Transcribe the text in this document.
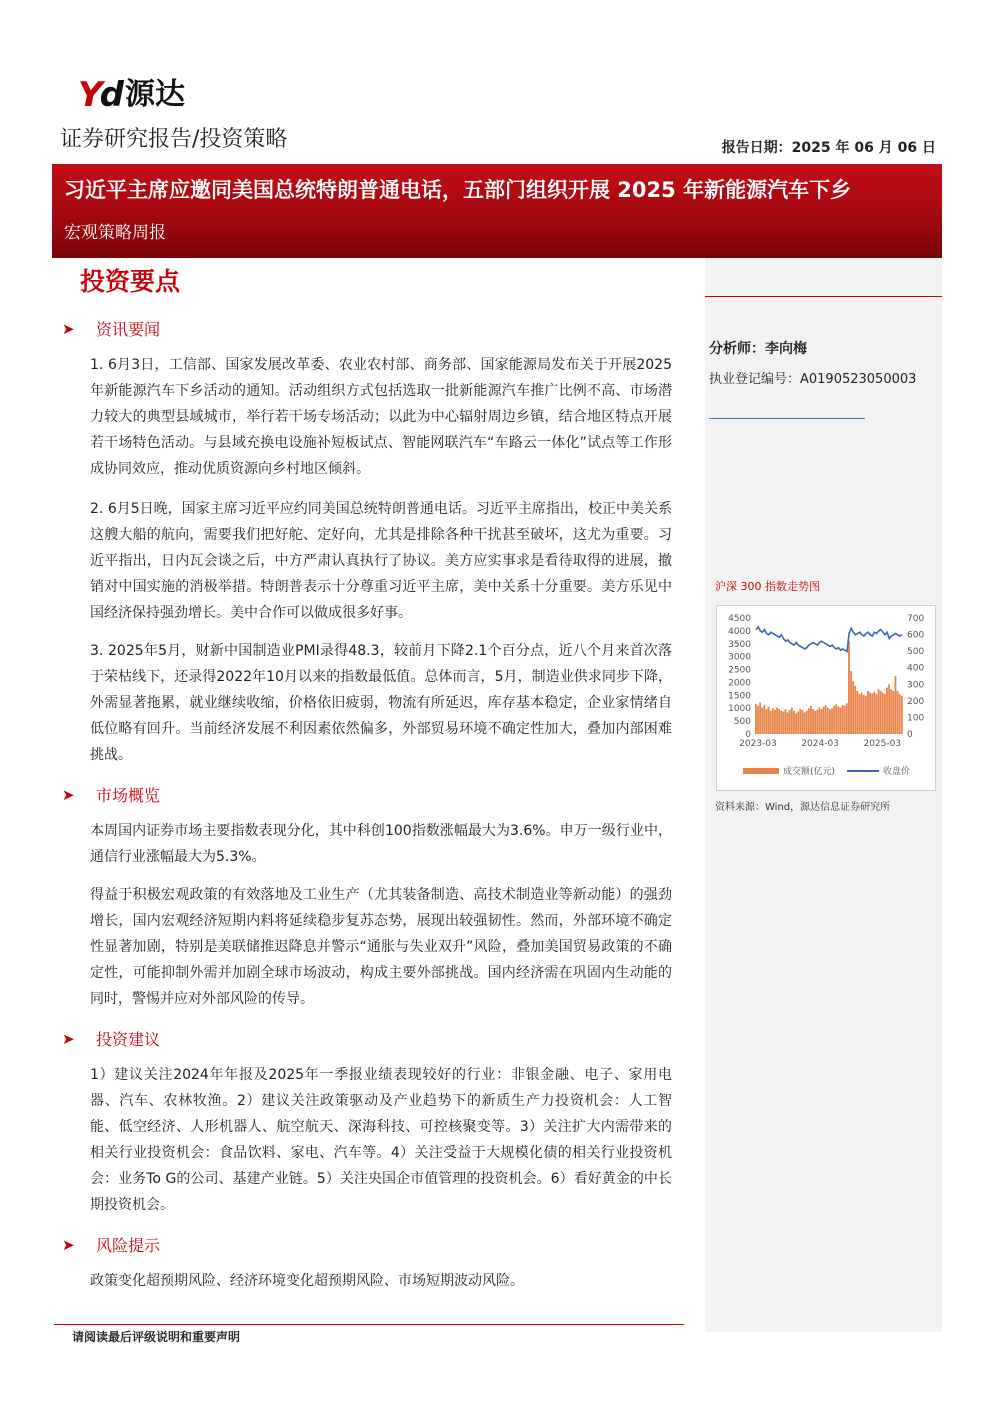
Yd 源达
证券研究报告/投资策略	报告日期：2025 年 06 月 06 日
习近平主席应邀同美国总统特朗普通电话，五部门组织开展 2025 年新能源汽车下乡
宏观策略周报
分析师：李向梅
执业登记编号：A0190523050003
沪深 300 指数走势图
0
500
1000
1500
2000
2500
3000
3500
4000
4500
0
100
200
300
400
500
600
700
2023-03	2024-03	2025-03
成交额(亿元)	收盘价
资料来源：Wind，源达信息证券研究所
投资要点
➤ 资讯要闻
1. 6月3日，工信部、国家发展改革委、农业农村部、商务部、国家能源局发布关于开展2025年新能源汽车下乡活动的通知。活动组织方式包括选取一批新能源汽车推广比例不高、市场潜力较大的典型县域城市，举行若干场专场活动；以此为中心辐射周边乡镇，结合地区特点开展若干场特色活动。与县域充换电设施补短板试点、智能网联汽车“车路云一体化”试点等工作形成协同效应，推动优质资源向乡村地区倾斜。
2. 6月5日晚，国家主席习近平应约同美国总统特朗普通电话。习近平主席指出，校正中美关系这艘大船的航向，需要我们把好舵、定好向，尤其是排除各种干扰甚至破坏，这尤为重要。习近平指出，日内瓦会谈之后，中方严肃认真执行了协议。美方应实事求是看待取得的进展，撤销对中国实施的消极举措。特朗普表示十分尊重习近平主席，美中关系十分重要。美方乐见中国经济保持强劲增长。美中合作可以做成很多好事。
3. 2025年5月，财新中国制造业PMI录得48.3，较前月下降2.1个百分点，近八个月来首次落于荣枯线下，还录得2022年10月以来的指数最低值。总体而言，5月，制造业供求同步下降，外需显著拖累，就业继续收缩，价格依旧疲弱，物流有所延迟，库存基本稳定，企业家情绪自低位略有回升。当前经济发展不利因素依然偏多，外部贸易环境不确定性加大，叠加内部困难挑战。
➤ 市场概览
本周国内证券市场主要指数表现分化，其中科创100指数涨幅最大为3.6%。申万一级行业中，通信行业涨幅最大为5.3%。
得益于积极宏观政策的有效落地及工业生产（尤其装备制造、高技术制造业等新动能）的强劲增长，国内宏观经济短期内料将延续稳步复苏态势，展现出较强韧性。然而，外部环境不确定性显著加剧，特别是美联储推迟降息并警示“通胀与失业双升”风险，叠加美国贸易政策的不确定性，可能抑制外需并加剧全球市场波动，构成主要外部挑战。国内经济需在巩固内生动能的同时，警惕并应对外部风险的传导。
➤ 投资建议
1）建议关注2024年年报及2025年一季报业绩表现较好的行业：非银金融、电子、家用电器、汽车、农林牧渔。2）建议关注政策驱动及产业趋势下的新质生产力投资机会：人工智能、低空经济、人形机器人、航空航天、深海科技、可控核聚变等。3）关注扩大内需带来的相关行业投资机会：食品饮料、家电、汽车等。4）关注受益于大规模化债的相关行业投资机会：业务To G的公司、基建产业链。5）关注央国企市值管理的投资机会。6）看好黄金的中长期投资机会。
➤ 风险提示
政策变化超预期风险、经济环境变化超预期风险、市场短期波动风险。
请阅读最后评级说明和重要声明
